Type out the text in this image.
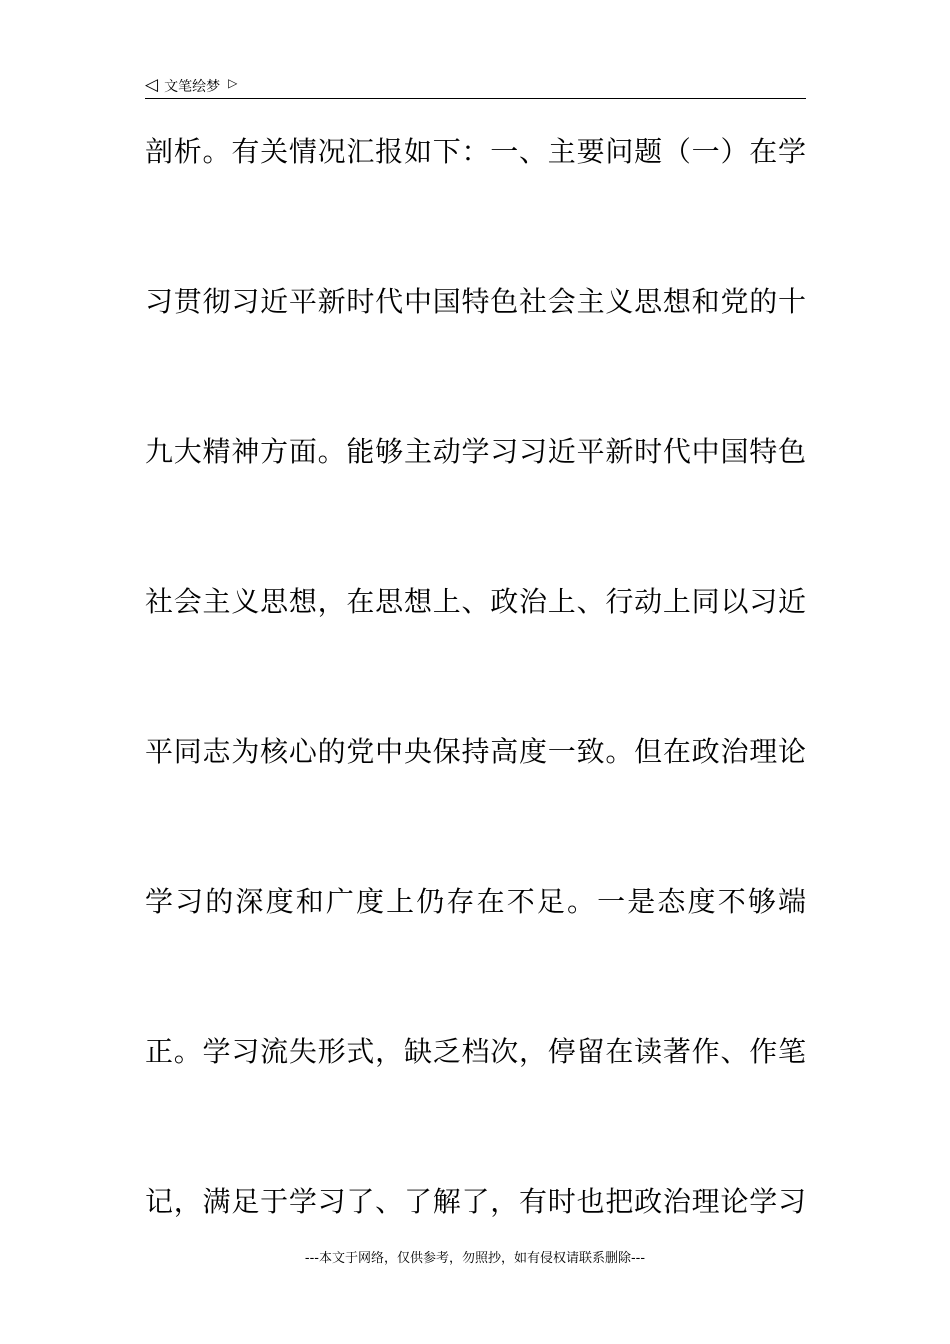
◁ 文笔绘梦 ▷
剖析。有关情况汇报如下：一、主要问题（一）在学
习贯彻习近平新时代中国特色社会主义思想和党的十
九大精神方面。能够主动学习习近平新时代中国特色
社会主义思想，在思想上、政治上、行动上同以习近
平同志为核心的党中央保持高度一致。但在政治理论
学习的深度和广度上仍存在不足。一是态度不够端
正。学习流失形式，缺乏档次，停留在读著作、作笔
记，满足于学习了、了解了，有时也把政治理论学习
---本文于网络，仅供参考，勿照抄，如有侵权请联系删除---
